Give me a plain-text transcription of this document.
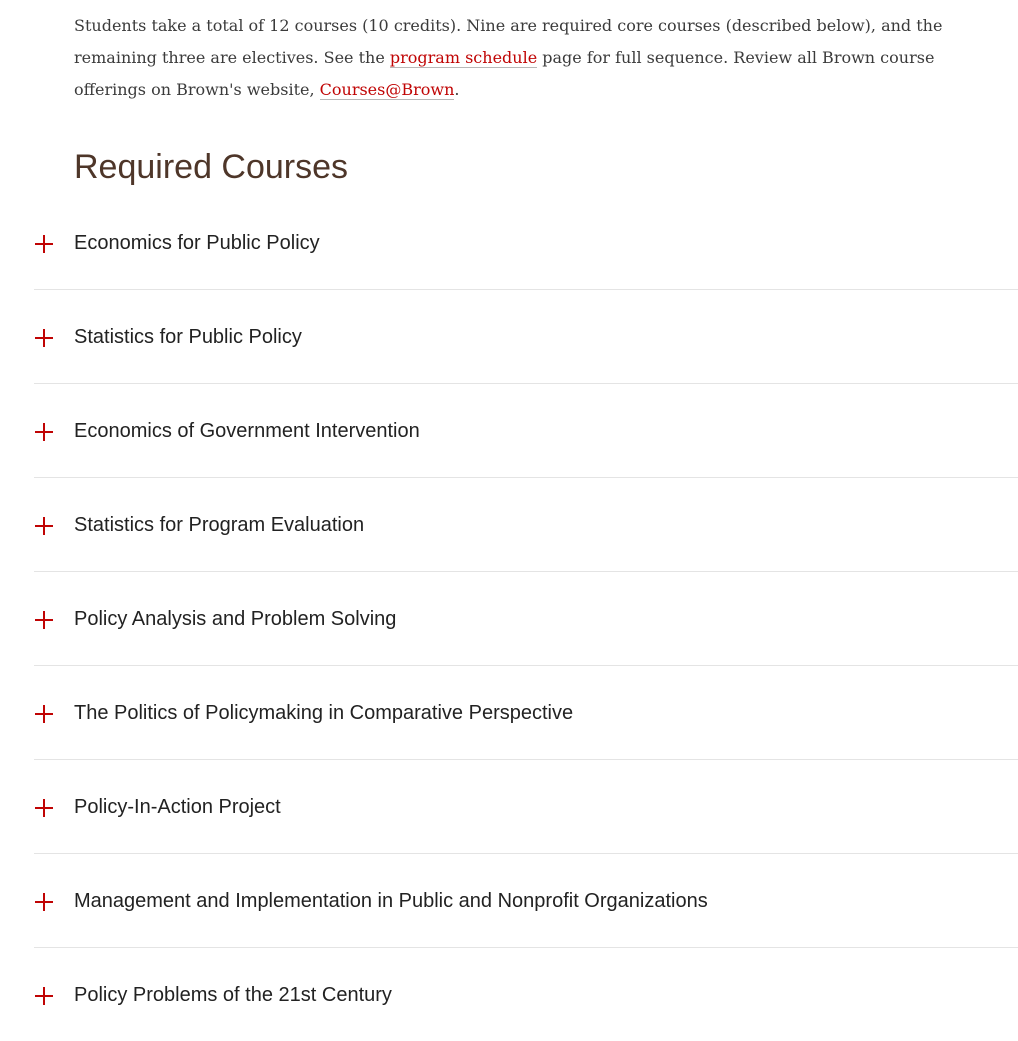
Students take a total of 12 courses (10 credits). Nine are required core courses (described below), and the remaining three are electives. See the program schedule page for full sequence. Review all Brown course offerings on Brown's website, Courses@Brown.

Required Courses
Economics for Public Policy
Statistics for Public Policy
Economics of Government Intervention
Statistics for Program Evaluation
Policy Analysis and Problem Solving
The Politics of Policymaking in Comparative Perspective
Policy-In-Action Project
Management and Implementation in Public and Nonprofit Organizations
Policy Problems of the 21st Century
